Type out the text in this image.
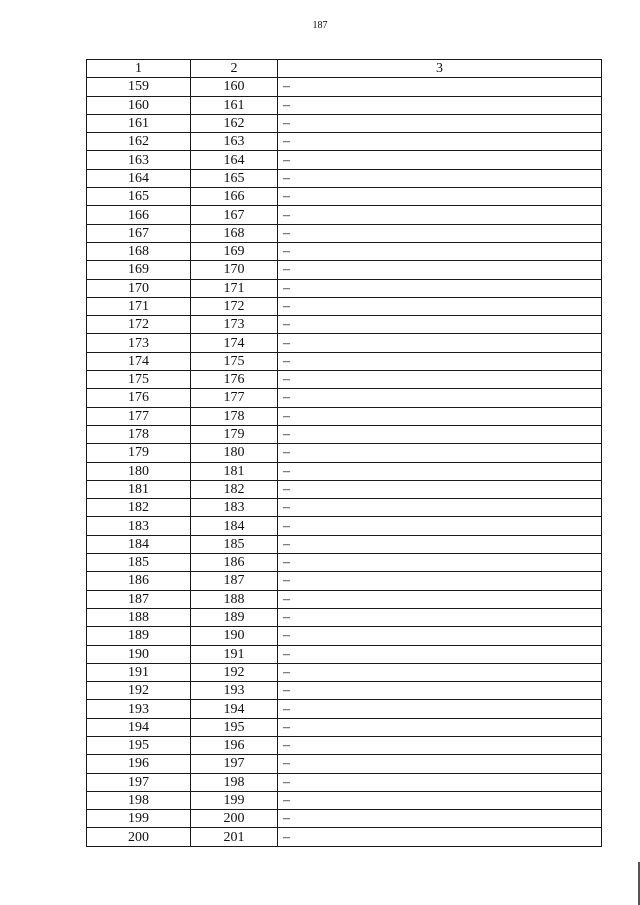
187
1	2	3
159	160	–
160	161	–
161	162	–
162	163	–
163	164	–
164	165	–
165	166	–
166	167	–
167	168	–
168	169	–
169	170	–
170	171	–
171	172	–
172	173	–
173	174	–
174	175	–
175	176	–
176	177	–
177	178	–
178	179	–
179	180	–
180	181	–
181	182	–
182	183	–
183	184	–
184	185	–
185	186	–
186	187	–
187	188	–
188	189	–
189	190	–
190	191	–
191	192	–
192	193	–
193	194	–
194	195	–
195	196	–
196	197	–
197	198	–
198	199	–
199	200	–
200	201	–
